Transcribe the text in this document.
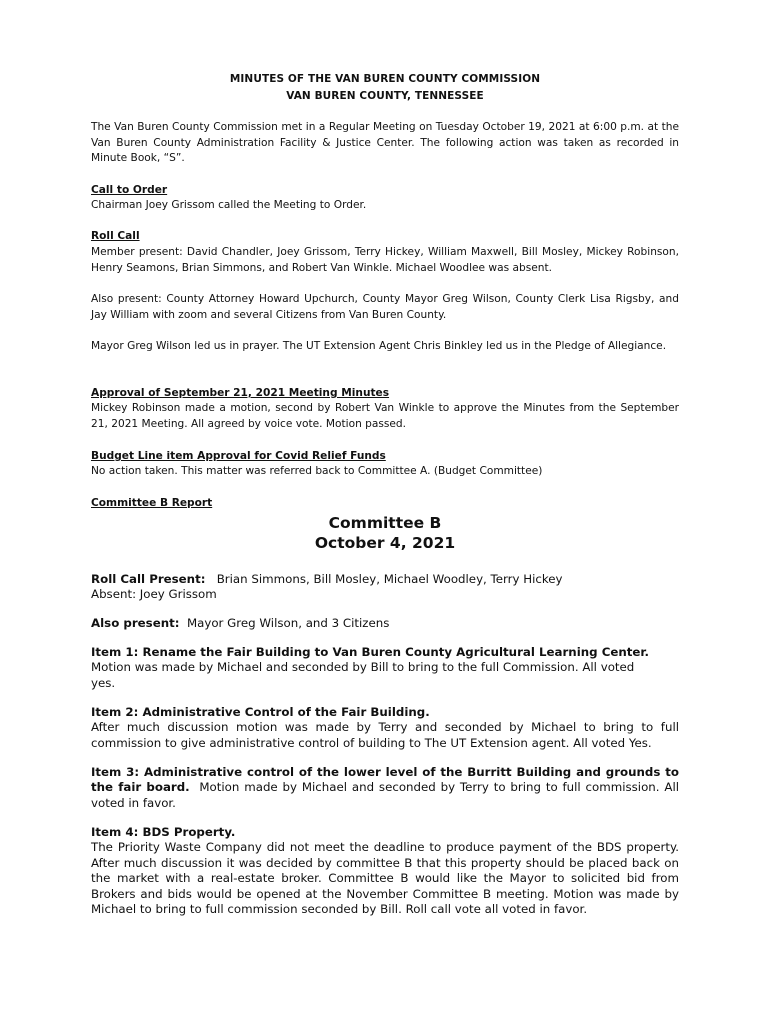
MINUTES OF THE VAN BUREN COUNTY COMMISSION
VAN BUREN COUNTY, TENNESSEE
The Van Buren County Commission met in a Regular Meeting on Tuesday October 19, 2021 at 6:00 p.m. at the Van Buren County Administration Facility & Justice Center. The following action was taken as recorded in Minute Book, “S”.
Call to Order
Chairman Joey Grissom called the Meeting to Order.
Roll Call
Member present: David Chandler, Joey Grissom, Terry Hickey, William Maxwell, Bill Mosley, Mickey Robinson, Henry Seamons, Brian Simmons, and Robert Van Winkle. Michael Woodlee was absent.
Also present: County Attorney Howard Upchurch, County Mayor Greg Wilson, County Clerk Lisa Rigsby, and Jay William with zoom and several Citizens from Van Buren County.
Mayor Greg Wilson led us in prayer. The UT Extension Agent Chris Binkley led us in the Pledge of Allegiance.
Approval of September 21, 2021 Meeting Minutes
Mickey Robinson made a motion, second by Robert Van Winkle to approve the Minutes from the September 21, 2021 Meeting. All agreed by voice vote. Motion passed.
Budget Line item Approval for Covid Relief Funds
No action taken. This matter was referred back to Committee A. (Budget Committee)
Committee B Report
Committee B
October 4, 2021
Roll Call Present: Brian Simmons, Bill Mosley, Michael Woodley, Terry Hickey
Absent: Joey Grissom
Also present: Mayor Greg Wilson, and 3 Citizens
Item 1: Rename the Fair Building to Van Buren County Agricultural Learning Center.
Motion was made by Michael and seconded by Bill to bring to the full Commission. All voted
yes.
Item 2: Administrative Control of the Fair Building.
After much discussion motion was made by Terry and seconded by Michael to bring to full commission to give administrative control of building to The UT Extension agent. All voted Yes.
Item 3: Administrative control of the lower level of the Burritt Building and grounds to the fair board. Motion made by Michael and seconded by Terry to bring to full commission. All voted in favor.
Item 4: BDS Property.
The Priority Waste Company did not meet the deadline to produce payment of the BDS property. After much discussion it was decided by committee B that this property should be placed back on the market with a real-estate broker. Committee B would like the Mayor to solicited bid from Brokers and bids would be opened at the November Committee B meeting. Motion was made by Michael to bring to full commission seconded by Bill. Roll call vote all voted in favor.
